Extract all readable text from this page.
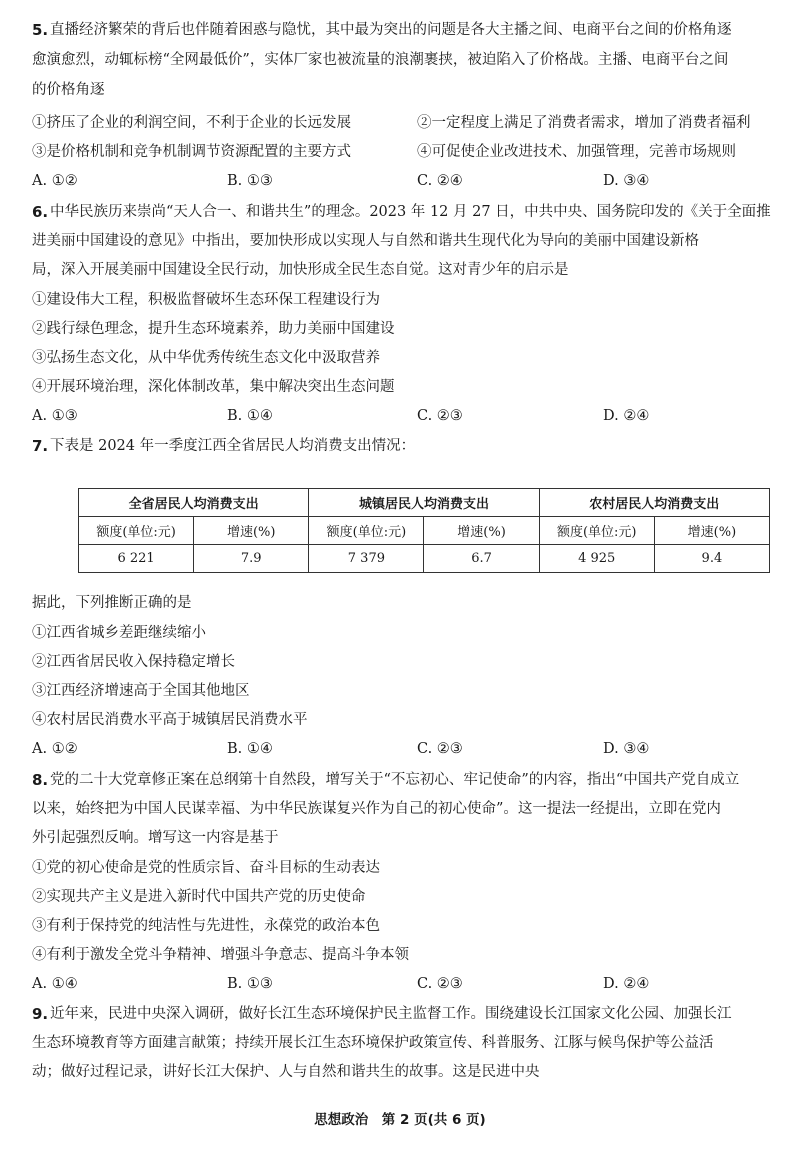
5. 直播经济繁荣的背后也伴随着困惑与隐忧，其中最为突出的问题是各大主播之间、电商平台之间的价格角逐
愈演愈烈，动辄标榜“全网最低价”，实体厂家也被流量的浪潮裹挟，被迫陷入了价格战。主播、电商平台之间
的价格角逐
①挤压了企业的利润空间，不利于企业的长远发展	②一定程度上满足了消费者需求，增加了消费者福利
③是价格机制和竞争机制调节资源配置的主要方式	④可促使企业改进技术、加强管理，完善市场规则
A. ①②	B. ①③	C. ②④	D. ③④
6. 中华民族历来崇尚“天人合一、和谐共生”的理念。2023 年 12 月 27 日，中共中央、国务院印发的《关于全面推
进美丽中国建设的意见》中指出，要加快形成以实现人与自然和谐共生现代化为导向的美丽中国建设新格
局，深入开展美丽中国建设全民行动，加快形成全民生态自觉。这对青少年的启示是
①建设伟大工程，积极监督破坏生态环保工程建设行为
②践行绿色理念，提升生态环境素养，助力美丽中国建设
③弘扬生态文化，从中华优秀传统生态文化中汲取营养
④开展环境治理，深化体制改革，集中解决突出生态问题
A. ①③	B. ①④	C. ②③	D. ②④
7. 下表是 2024 年一季度江西全省居民人均消费支出情况：
全省居民人均消费支出		城镇居民人均消费支出		农村居民人均消费支出	
额度(单位:元)	增速(%)	额度(单位:元)	增速(%)	额度(单位:元)	增速(%)
6 221	7.9	7 379	6.7	4 925	9.4
据此，下列推断正确的是
①江西省城乡差距继续缩小
②江西省居民收入保持稳定增长
③江西经济增速高于全国其他地区
④农村居民消费水平高于城镇居民消费水平
A. ①②	B. ①④	C. ②③	D. ③④
8. 党的二十大党章修正案在总纲第十自然段，增写关于“不忘初心、牢记使命”的内容，指出“中国共产党自成立
以来，始终把为中国人民谋幸福、为中华民族谋复兴作为自己的初心使命”。这一提法一经提出，立即在党内
外引起强烈反响。增写这一内容是基于
①党的初心使命是党的性质宗旨、奋斗目标的生动表达
②实现共产主义是进入新时代中国共产党的历史使命
③有利于保持党的纯洁性与先进性，永葆党的政治本色
④有利于激发全党斗争精神、增强斗争意志、提高斗争本领
A. ①④	B. ①③	C. ②③	D. ②④
9. 近年来，民进中央深入调研，做好长江生态环境保护民主监督工作。围绕建设长江国家文化公园、加强长江
生态环境教育等方面建言献策；持续开展长江生态环境保护政策宣传、科普服务、江豚与候鸟保护等公益活
动；做好过程记录，讲好长江大保护、人与自然和谐共生的故事。这是民进中央
思想政治　第 2 页(共 6 页)
